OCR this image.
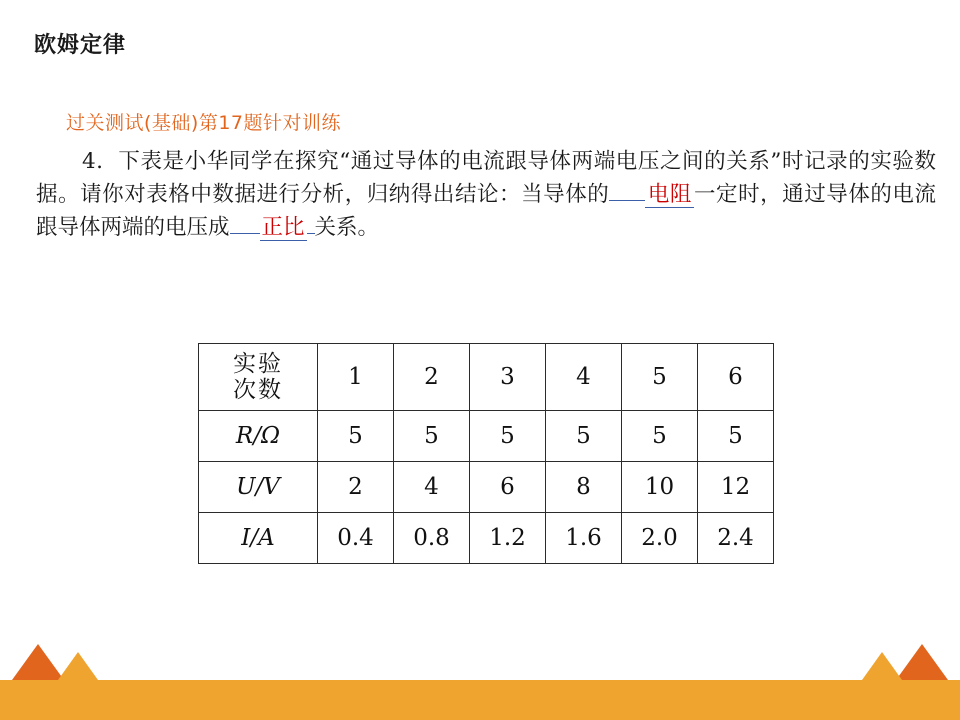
欧姆定律
过关测试(基础)第17题针对训练
4．下表是小华同学在探究“通过导体的电流跟导体两端电压之间的关系”时记录的实验数据。请你对表格中数据进行分析，归纳得出结论：当导体的 电阻一定时，通过导体的电流跟导体两端的电压成 正比 关系。
实验
次数	1	2	3	4	5	6
R/Ω	5	5	5	5	5	5
U/V	2	4	6	8	10	12
I/A	0.4	0.8	1.2	1.6	2.0	2.4
